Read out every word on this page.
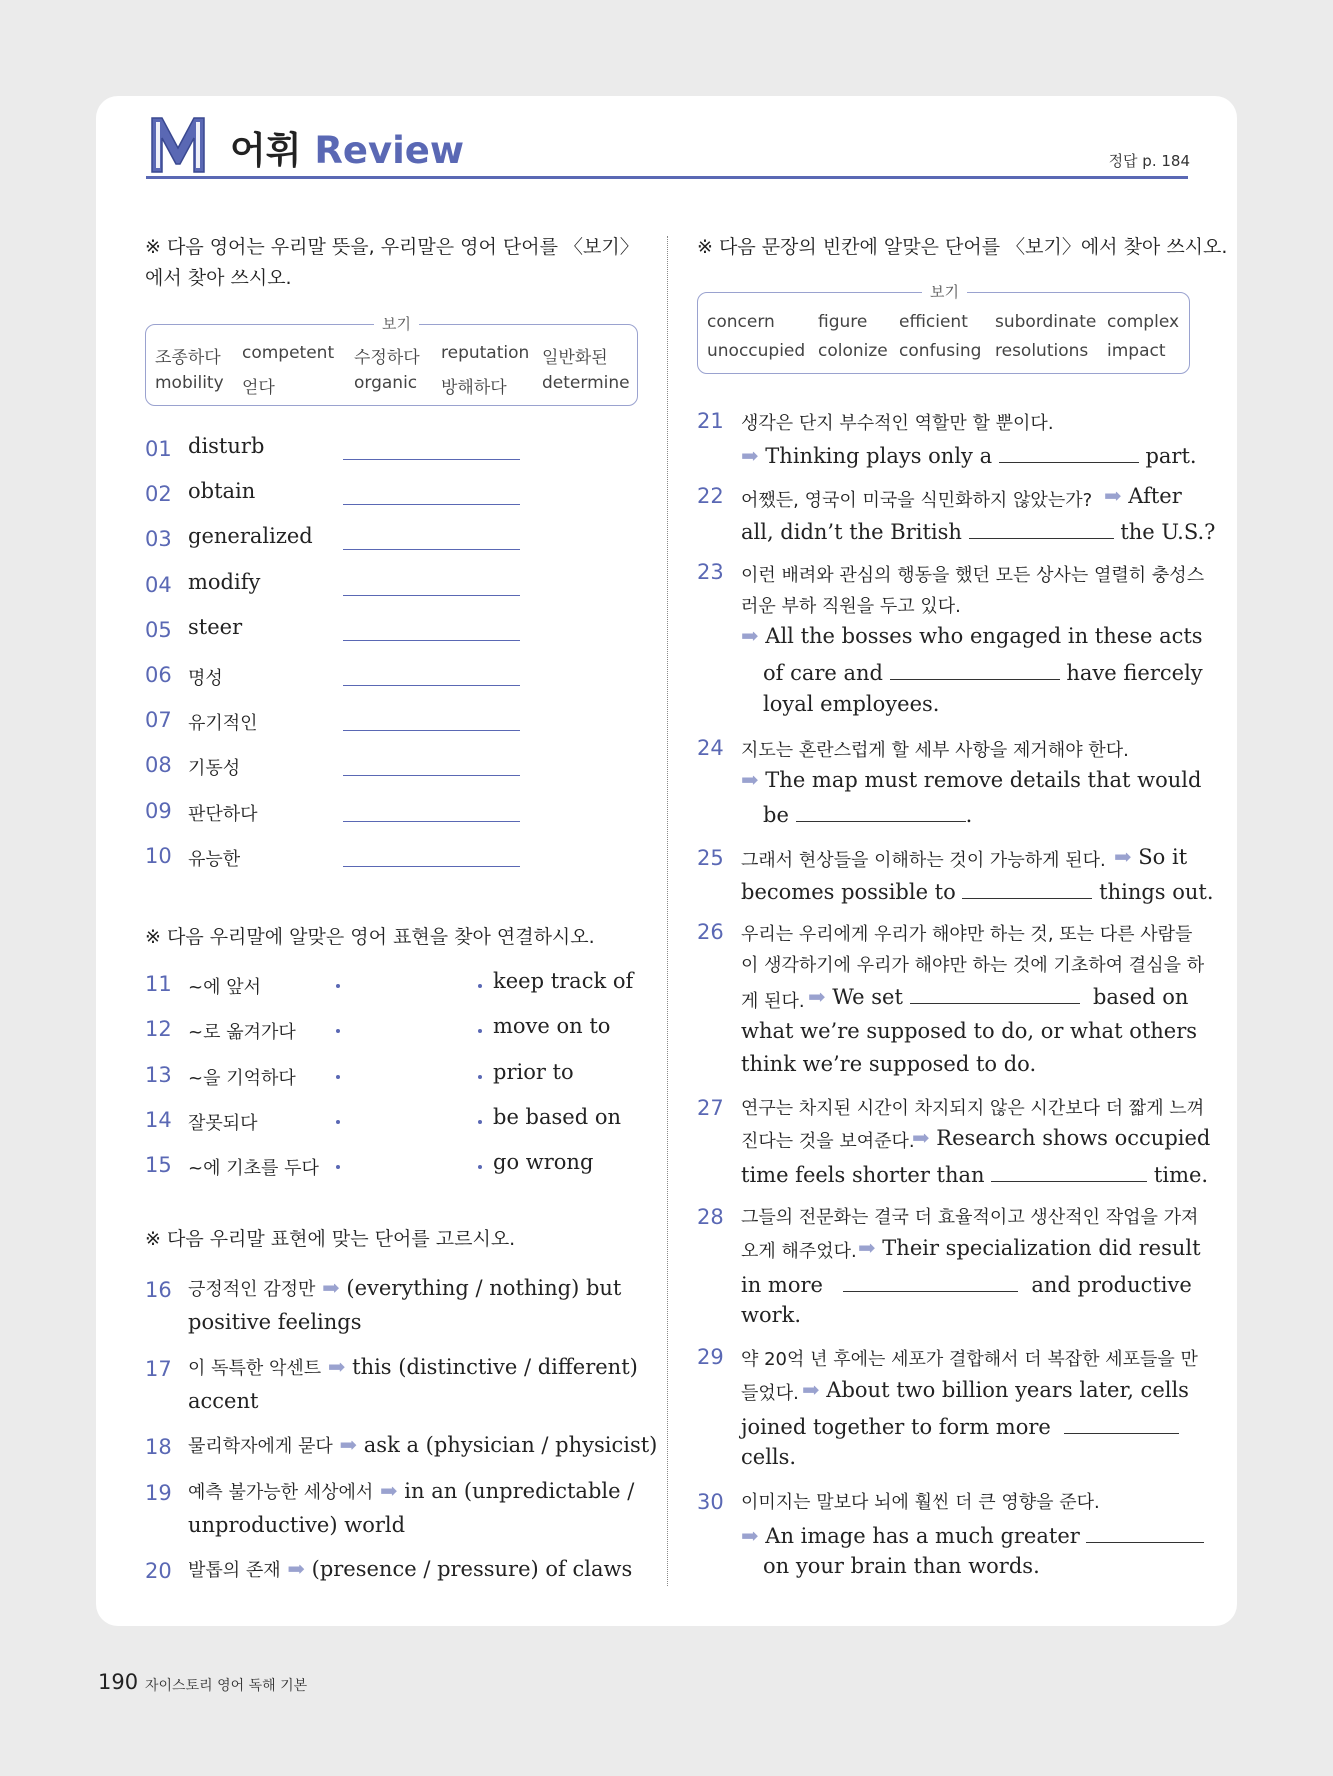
어휘 Review	정답 p. 184
※ 다음 영어는 우리말 뜻을, 우리말은 영어 단어를 〈보기〉에서 찾아 쓰시오.
보기
조종하다 competent 수정하다 reputation 일반화된
mobility 얻다	organic 방해하다 determine
01 disturb
02 obtain
03 generalized
04 modify
05 steer
06 명성
07 유기적인
08 기동성
09 판단하다
10 유능한
※ 다음 우리말에 알맞은 영어 표현을 찾아 연결하시오.
11 ~에 앞서	keep track of
12 ~로 옮겨가다	move on to
13 ~을 기억하다	prior to
14 잘못되다	be based on
15 ~에 기초를 두다	go wrong
※ 다음 우리말 표현에 맞는 단어를 고르시오.
16 긍정적인 감정만 ➡ (everything / nothing) but
positive feelings
17 이 독특한 악센트 ➡ this (distinctive / different)
accent
18 물리학자에게 묻다 ➡ ask a (physician / physicist)
19 예측 불가능한 세상에서 ➡ in an (unpredictable /
unproductive) world
20 발톱의 존재 ➡ (presence / pressure) of claws
※ 다음 문장의 빈칸에 알맞은 단어를 〈보기〉에서 찾아 쓰시오.
보기
concern	figure efficient subordinate complex
unoccupied colonize confusing resolutions impact
21 생각은 단지 부수적인 역할만 할 뿐이다.
➡ Thinking plays only a	part.
22 어쨌든, 영국이 미국을 식민화하지 않았는가? ➡ After
all, didn’t the British	the U.S.?
23 이런 배려와 관심의 행동을 했던 모든 상사는 열렬히 충성스
러운 부하 직원을 두고 있다.
➡ All the bosses who engaged in these acts
of care and	have fiercely
loyal employees.
24 지도는 혼란스럽게 할 세부 사항을 제거해야 한다.
➡ The map must remove details that would
be	.
25 그래서 현상들을 이해하는 것이 가능하게 된다. ➡ So it
becomes possible to	things out.
26 우리는 우리에게 우리가 해야만 하는 것, 또는 다른 사람들
이 생각하기에 우리가 해야만 하는 것에 기초하여 결심을 하
게 된다. ➡ We set	based on
what we’re supposed to do, or what others
think we’re supposed to do.
27 연구는 차지된 시간이 차지되지 않은 시간보다 더 짧게 느껴
진다는 것을 보여준다.
➡ Research shows occupied
time feels shorter than	time.
28 그들의 전문화는 결국 더 효율적이고 생산적인 작업을 가져
오게 해주었다. ➡ Their specialization did result
in more	and productive
work.
29 약 20억 년 후에는 세포가 결합해서 더 복잡한 세포들을 만
들었다. ➡ About two billion years later, cells
joined together to form more
cells.
30 이미지는 말보다 뇌에 훨씬 더 큰 영향을 준다.
➡ An image has a much greater
on your brain than words.
190 자이스토리 영어 독해 기본
